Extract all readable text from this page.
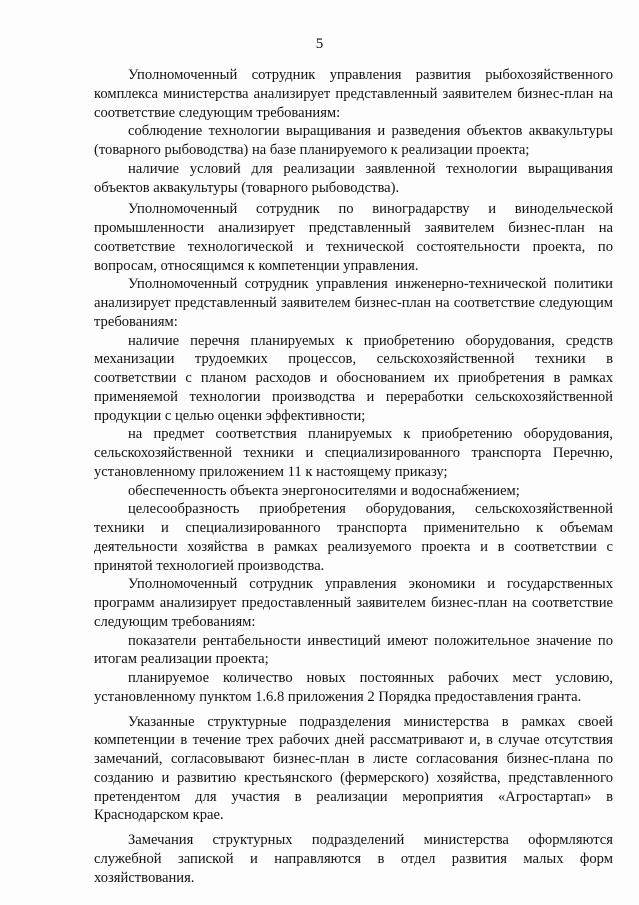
5

Уполномоченный сотрудник управления развития рыбохозяйственного комплекса министерства анализирует представленный заявителем бизнес-план на соответствие следующим требованиям:

соблюдение технологии выращивания и разведения объектов аквакультуры (товарного рыбоводства) на базе планируемого к реализации проекта;

наличие условий для реализации заявленной технологии выращивания объектов аквакультуры (товарного рыбоводства).

Уполномоченный сотрудник по виноградарству и винодельческой промышленности анализирует представленный заявителем бизнес-план на соответствие технологической и технической состоятельности проекта, по вопросам, относящимся к компетенции управления.

Уполномоченный сотрудник управления инженерно-технической политики анализирует представленный заявителем бизнес-план на соответствие следующим требованиям:

наличие перечня планируемых к приобретению оборудования, средств механизации трудоемких процессов, сельскохозяйственной техники в соответствии с планом расходов и обоснованием их приобретения в рамках применяемой технологии производства и переработки сельскохозяйственной продукции с целью оценки эффективности;

на предмет соответствия планируемых к приобретению оборудования, сельскохозяйственной техники и специализированного транспорта Перечню, установленному приложением 11 к настоящему приказу;

обеспеченность объекта энергоносителями и водоснабжением;

целесообразность приобретения оборудования, сельскохозяйственной техники и специализированного транспорта применительно к объемам деятельности хозяйства в рамках реализуемого проекта и в соответствии с принятой технологией производства.

Уполномоченный сотрудник управления экономики и государственных программ анализирует предоставленный заявителем бизнес-план на соответствие следующим требованиям:

показатели рентабельности инвестиций имеют положительное значение по итогам реализации проекта;

планируемое количество новых постоянных рабочих мест условию, установленному пунктом 1.6.8 приложения 2 Порядка предоставления гранта.

Указанные структурные подразделения министерства в рамках своей компетенции в течение трех рабочих дней рассматривают и, в случае отсутствия замечаний, согласовывают бизнес-план в листе согласования бизнес-плана по созданию и развитию крестьянского (фермерского) хозяйства, представленного претендентом для участия в реализации мероприятия «Агростартап» в Краснодарском крае.

Замечания структурных подразделений министерства оформляются служебной запиской и направляются в отдел развития малых форм хозяйствования.
